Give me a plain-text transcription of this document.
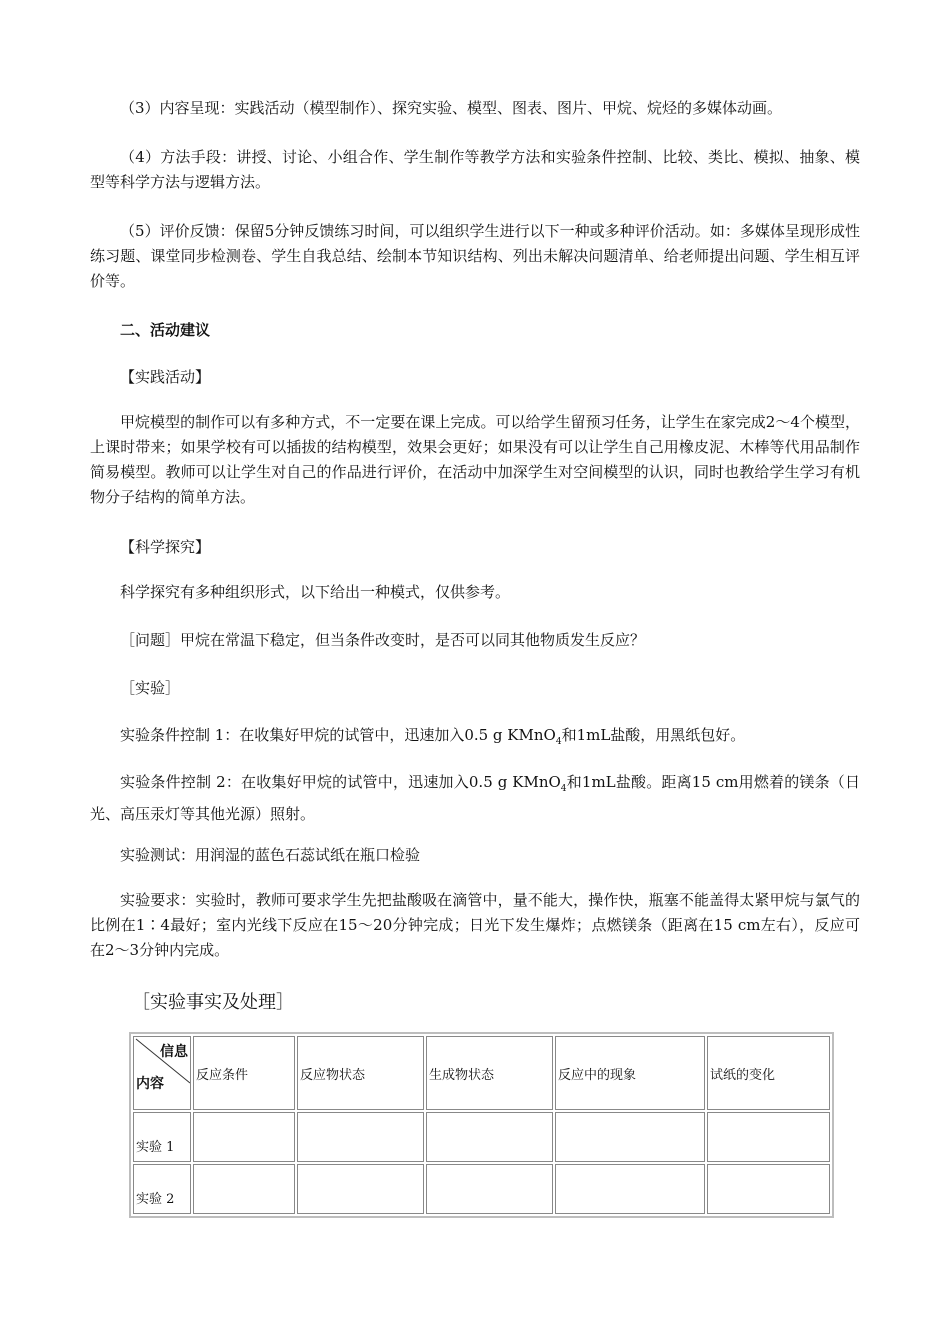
（3）内容呈现：实践活动（模型制作）、探究实验、模型、图表、图片、甲烷、烷烃的多媒体动画。

（4）方法手段：讲授、讨论、小组合作、学生制作等教学方法和实验条件控制、比较、类比、模拟、抽象、模型等科学方法与逻辑方法。

（5）评价反馈：保留5分钟反馈练习时间，可以组织学生进行以下一种或多种评价活动。如：多媒体呈现形成性练习题、课堂同步检测卷、学生自我总结、绘制本节知识结构、列出未解决问题清单、给老师提出问题、学生相互评价等。

二、活动建议

【实践活动】

甲烷模型的制作可以有多种方式，不一定要在课上完成。可以给学生留预习任务，让学生在家完成2～4个模型，上课时带来；如果学校有可以插拔的结构模型，效果会更好；如果没有可以让学生自己用橡皮泥、木棒等代用品制作简易模型。教师可以让学生对自己的作品进行评价，在活动中加深学生对空间模型的认识，同时也教给学生学习有机物分子结构的简单方法。

【科学探究】

科学探究有多种组织形式，以下给出一种模式，仅供参考。

［问题］甲烷在常温下稳定，但当条件改变时，是否可以同其他物质发生反应？

［实验］

实验条件控制 1：在收集好甲烷的试管中，迅速加入0.5 g KMnO$_4$和1mL盐酸，用黑纸包好。

实验条件控制 2：在收集好甲烷的试管中，迅速加入0.5 g KMnO$_4$和1mL盐酸。距离15 cm用燃着的镁条（日光、高压汞灯等其他光源）照射。

实验测试：用润湿的蓝色石蕊试纸在瓶口检验

实验要求：实验时，教师可要求学生先把盐酸吸在滴管中，量不能大，操作快，瓶塞不能盖得太紧甲烷与氯气的比例在1∶4最好；室内光线下反应在15～20分钟完成；日光下发生爆炸；点燃镁条（距离在15 cm左右），反应可在2～3分钟内完成。

［实验事实及处理］

信息
内容	反应条件	反应物状态	生成物状态	反应中的现象	试纸的变化
实验 1					
实验 2					
